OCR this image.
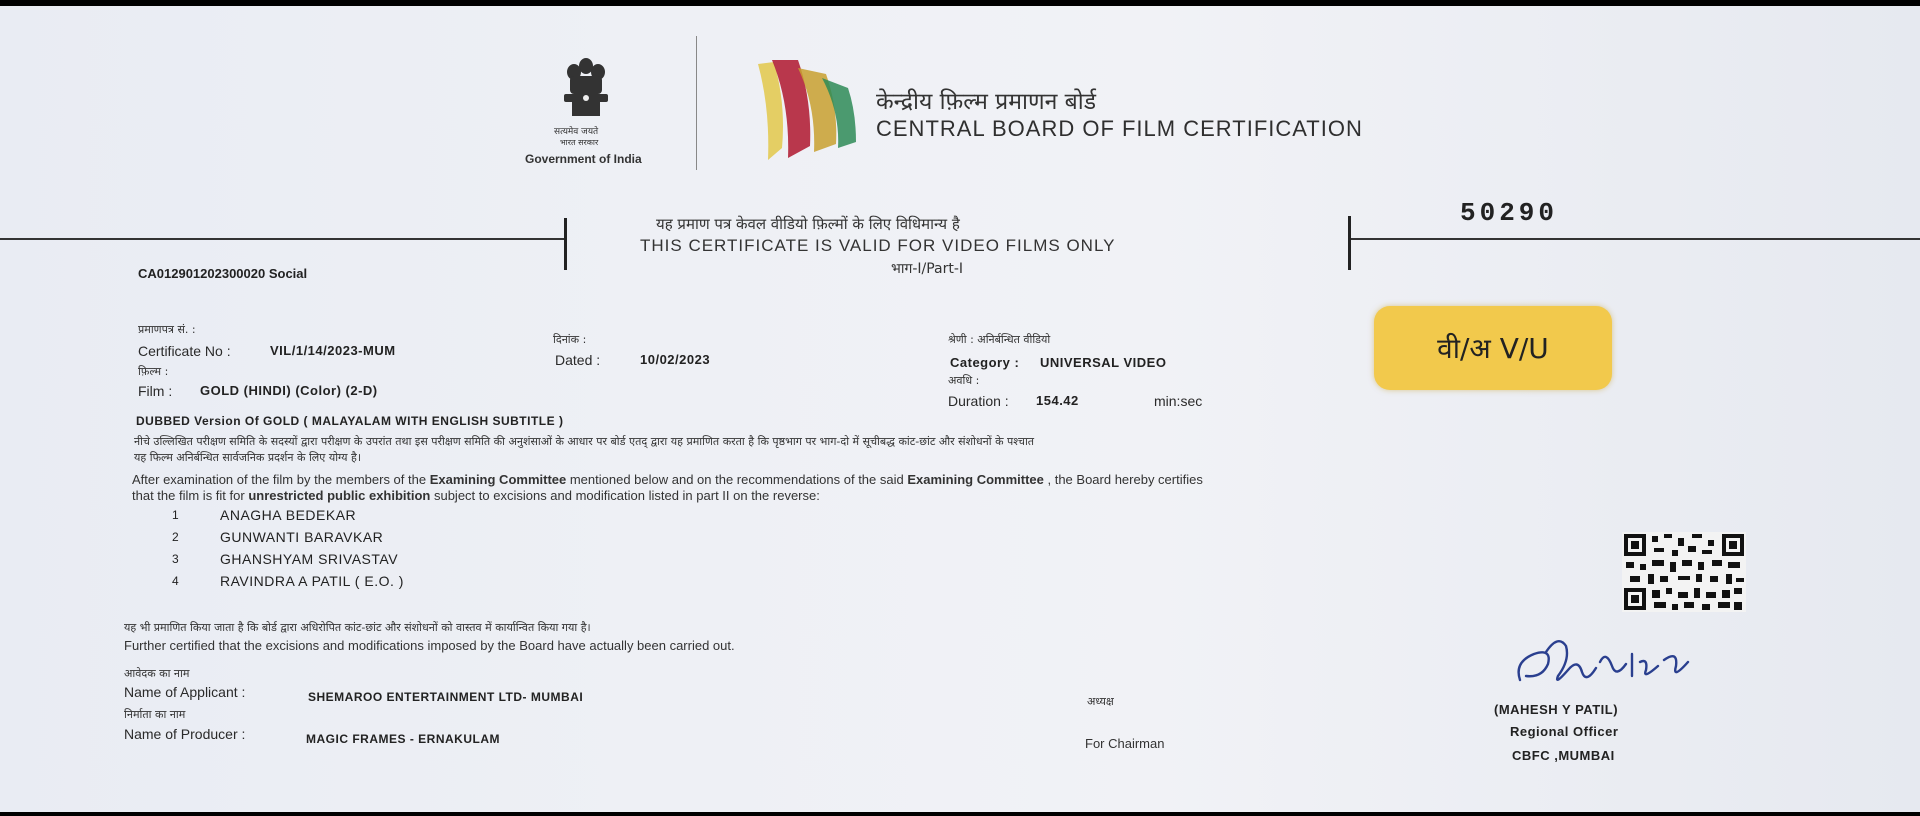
सत्यमेव जयते
भारत सरकार
Government of India
केन्द्रीय फ़िल्म प्रमाणन बोर्ड
CENTRAL BOARD OF FILM CERTIFICATION
यह प्रमाण पत्र केवल वीडियो फ़िल्मों के लिए विधिमान्य है
THIS CERTIFICATE IS VALID FOR VIDEO FILMS ONLY
भाग-I/Part-I
50290
CA012901202300020 Social
प्रमाणपत्र सं. :
Certificate No :	VIL/1/14/2023-MUM
दिनांक :
Dated :	10/02/2023
श्रेणी : अनिर्बन्धित वीडियो
Category : UNIVERSAL VIDEO	वी/अ V/U
फ़िल्म :
Film : GOLD (HINDI) (Color) (2-D)
अवधि :
Duration : 154.42	min:sec
DUBBED Version Of GOLD ( MALAYALAM WITH ENGLISH SUBTITLE )
नीचे उल्लिखित परीक्षण समिति के सदस्यों द्वारा परीक्षण के उपरांत तथा इस परीक्षण समिति की अनुशंसाओं के आधार पर बोर्ड एतद् द्वारा यह प्रमाणित करता है कि पृष्ठभाग पर भाग-दो में सूचीबद्ध कांट-छांट और संशोधनों के पश्चात
यह फिल्म अनिर्बन्धित सार्वजनिक प्रदर्शन के लिए योग्य है।
After examination of the film by the members of the Examining Committee mentioned below and on the recommendations of the said Examining Committee , the Board hereby certifies
that the film is fit for unrestricted public exhibition subject to excisions and modification listed in part II on the reverse:
1	ANAGHA BEDEKAR
2	GUNWANTI BARAVKAR
3	GHANSHYAM SRIVASTAV
4	RAVINDRA A PATIL ( E.O. )
यह भी प्रमाणित किया जाता है कि बोर्ड द्वारा अधिरोपित कांट-छांट और संशोधनों को वास्तव में कार्यान्वित किया गया है।
Further certified that the excisions and modifications imposed by the Board have actually been carried out.
आवेदक का नाम
Name of Applicant :	SHEMAROO ENTERTAINMENT LTD- MUMBAI
निर्माता का नाम
Name of Producer :	MAGIC FRAMES - ERNAKULAM
अध्यक्ष
For Chairman
(MAHESH Y PATIL)
Regional Officer
CBFC ,MUMBAI
